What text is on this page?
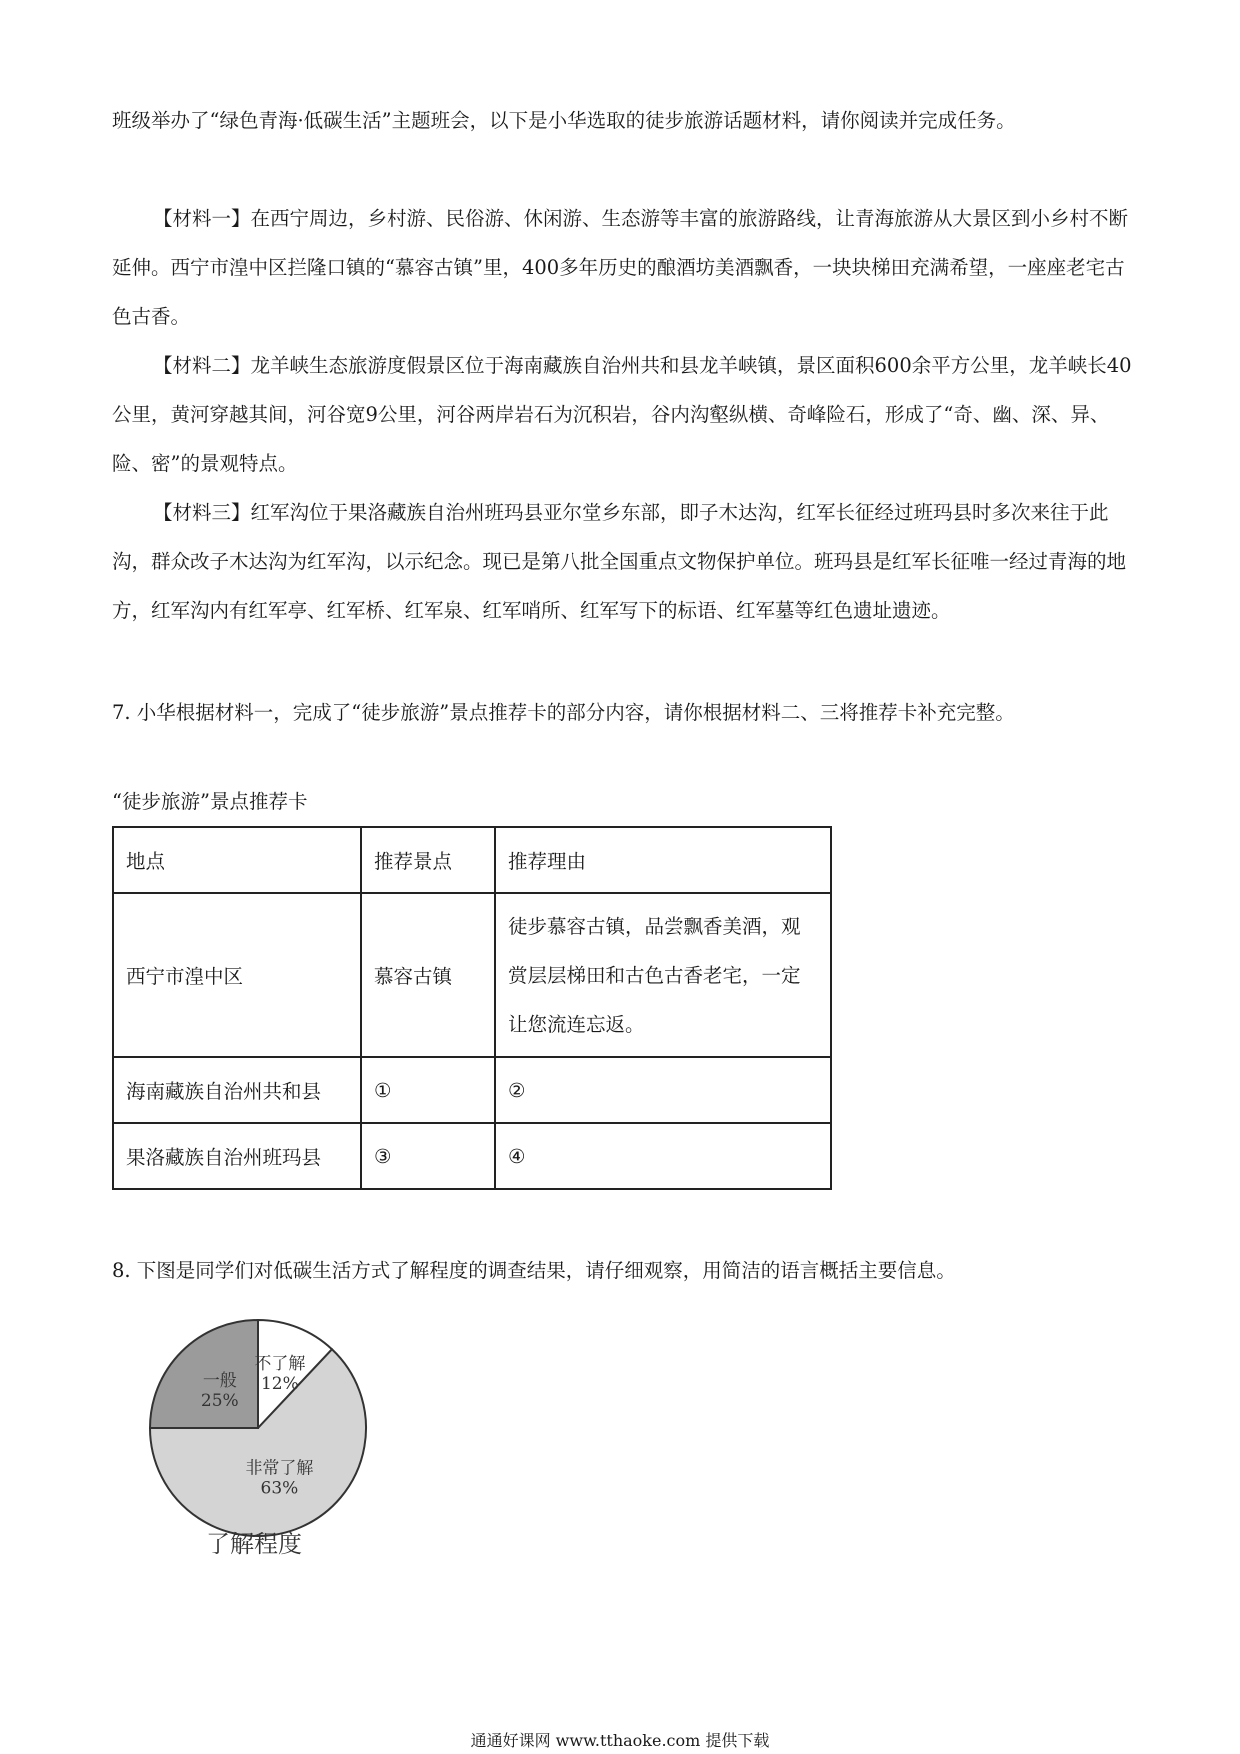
班级举办了“绿色青海·低碳生活”主题班会，以下是小华选取的徒步旅游话题材料，请你阅读并完成任务。

【材料一】在西宁周边，乡村游、民俗游、休闲游、生态游等丰富的旅游路线，让青海旅游从大景区到小乡村不断延伸。西宁市湟中区拦隆口镇的“慕容古镇”里，400多年历史的酿酒坊美酒飘香，一块块梯田充满希望，一座座老宅古色古香。

【材料二】龙羊峡生态旅游度假景区位于海南藏族自治州共和县龙羊峡镇，景区面积600余平方公里，龙羊峡长40公里，黄河穿越其间，河谷宽9公里，河谷两岸岩石为沉积岩，谷内沟壑纵横、奇峰险石，形成了“奇、幽、深、异、险、密”的景观特点。

【材料三】红军沟位于果洛藏族自治州班玛县亚尔堂乡东部，即子木达沟，红军长征经过班玛县时多次来往于此沟，群众改子木达沟为红军沟，以示纪念。现已是第八批全国重点文物保护单位。班玛县是红军长征唯一经过青海的地方，红军沟内有红军亭、红军桥、红军泉、红军哨所、红军写下的标语、红军墓等红色遗址遗迹。

7. 小华根据材料一，完成了“徒步旅游”景点推荐卡的部分内容，请你根据材料二、三将推荐卡补充完整。

“徒步旅游”景点推荐卡
地点	推荐景点	推荐理由
西宁市湟中区	慕容古镇	徒步慕容古镇，品尝飘香美酒，观赏层层梯田和古色古香老宅，一定让您流连忘返。
海南藏族自治州共和县	①	②
果洛藏族自治州班玛县	③	④

8. 下图是同学们对低碳生活方式了解程度的调查结果，请仔细观察，用简洁的语言概括主要信息。

不了解
12%
非常了解
63%
一般
25%
了解程度
通通好课网 www.tthaoke.com 提供下载
